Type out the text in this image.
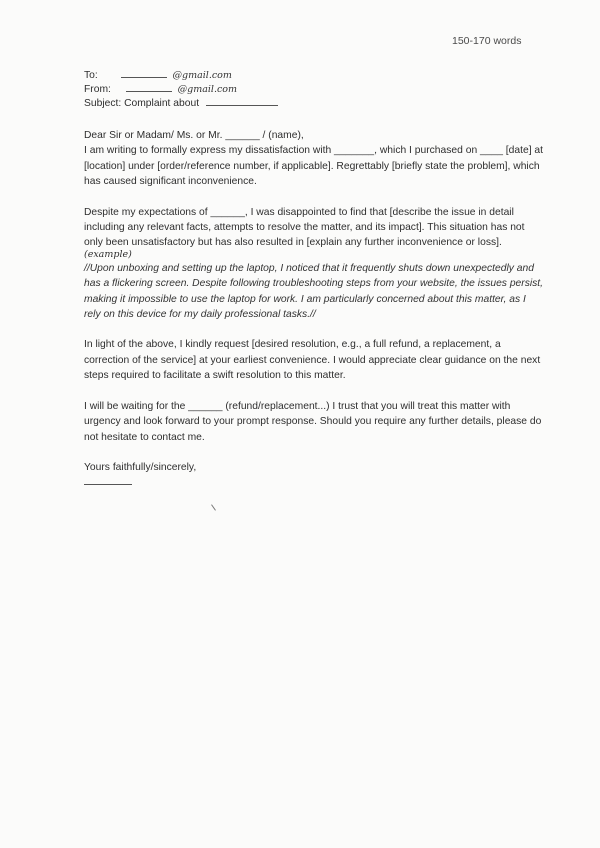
150-170 words
To:	@gmail.com
From:	@gmail.com
Subject: Complaint about

Dear Sir or Madam/ Ms. or Mr. ______ / (name),

I am writing to formally express my dissatisfaction with _______, which I purchased on ____ [date] at [location] under [order/reference number, if applicable]. Regrettably [briefly state the problem], which has caused significant inconvenience.

Despite my expectations of ______, I was disappointed to find that [describe the issue in detail including any relevant facts, attempts to resolve the matter, and its impact]. This situation has not only been unsatisfactory but has also resulted in [explain any further inconvenience or loss].

(example)

//Upon unboxing and setting up the laptop, I noticed that it frequently shuts down unexpectedly and has a flickering screen. Despite following troubleshooting steps from your website, the issues persist, making it impossible to use the laptop for work. I am particularly concerned about this matter, as I rely on this device for my daily professional tasks.//

In light of the above, I kindly request [desired resolution, e.g., a full refund, a replacement, a correction of the service] at your earliest convenience. I would appreciate clear guidance on the next steps required to facilitate a swift resolution to this matter.

I will be waiting for the ______ (refund/replacement...) I trust that you will treat this matter with urgency and look forward to your prompt response. Should you require any further details, please do not hesitate to contact me.

Yours faithfully/sincerely,
